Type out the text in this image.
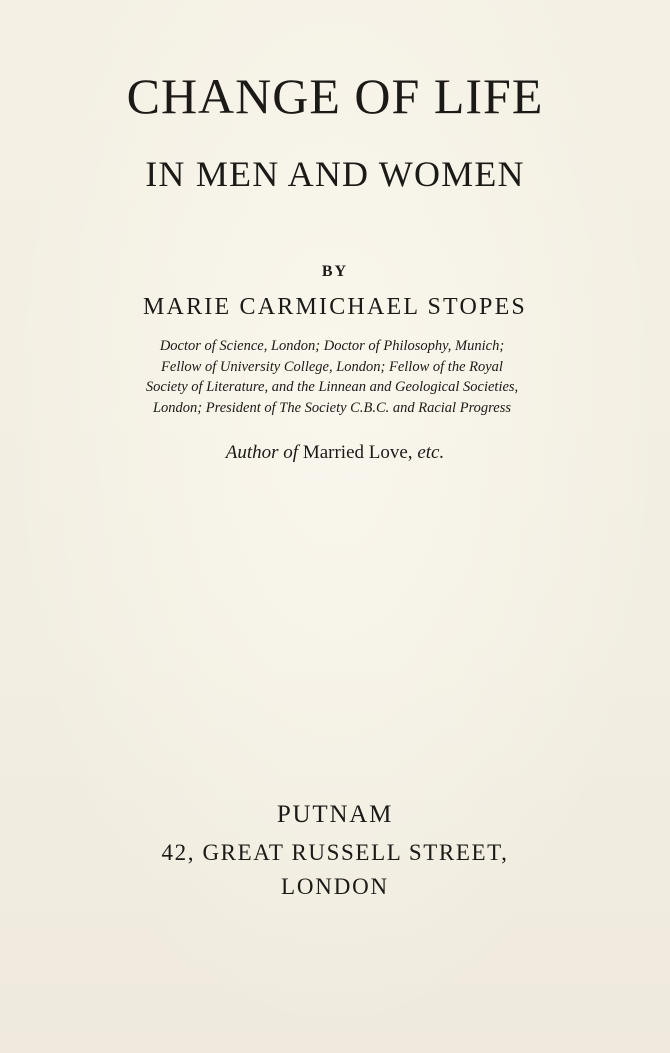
CHANGE OF LIFE
IN MEN AND WOMEN
BY
MARIE CARMICHAEL STOPES
Doctor of Science, London; Doctor of Philosophy, Munich;
Fellow of University College, London; Fellow of the Royal
Society of Literature, and the Linnean and Geological Societies,
London; President of The Society C.B.C. and Racial Progress
Author of Married Love, etc.
PUTNAM
42, GREAT RUSSELL STREET,
LONDON
